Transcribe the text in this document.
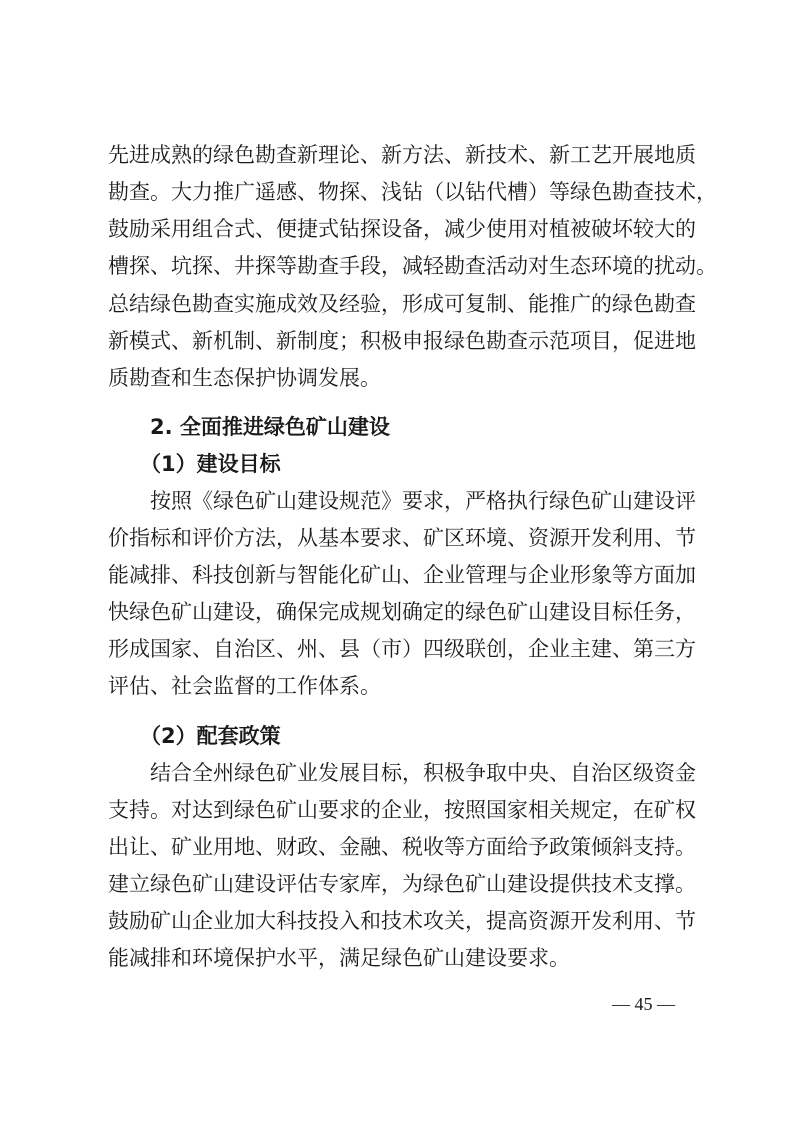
先进成熟的绿色勘查新理论、新方法、新技术、新工艺开展地质
勘查。大力推广遥感、物探、浅钻（以钻代槽）等绿色勘查技术，
鼓励采用组合式、便捷式钻探设备，减少使用对植被破坏较大的
槽探、坑探、井探等勘查手段，减轻勘查活动对生态环境的扰动。
总结绿色勘查实施成效及经验，形成可复制、能推广的绿色勘查
新模式、新机制、新制度；积极申报绿色勘查示范项目，促进地
质勘查和生态保护协调发展。
2. 全面推进绿色矿山建设
（1）建设目标
按照《绿色矿山建设规范》要求，严格执行绿色矿山建设评
价指标和评价方法，从基本要求、矿区环境、资源开发利用、节
能减排、科技创新与智能化矿山、企业管理与企业形象等方面加
快绿色矿山建设，确保完成规划确定的绿色矿山建设目标任务，
形成国家、自治区、州、县（市）四级联创，企业主建、第三方
评估、社会监督的工作体系。
（2）配套政策
结合全州绿色矿业发展目标，积极争取中央、自治区级资金
支持。对达到绿色矿山要求的企业，按照国家相关规定，在矿权
出让、矿业用地、财政、金融、税收等方面给予政策倾斜支持。
建立绿色矿山建设评估专家库，为绿色矿山建设提供技术支撑。
鼓励矿山企业加大科技投入和技术攻关，提高资源开发利用、节
能减排和环境保护水平，满足绿色矿山建设要求。
— 45 —
